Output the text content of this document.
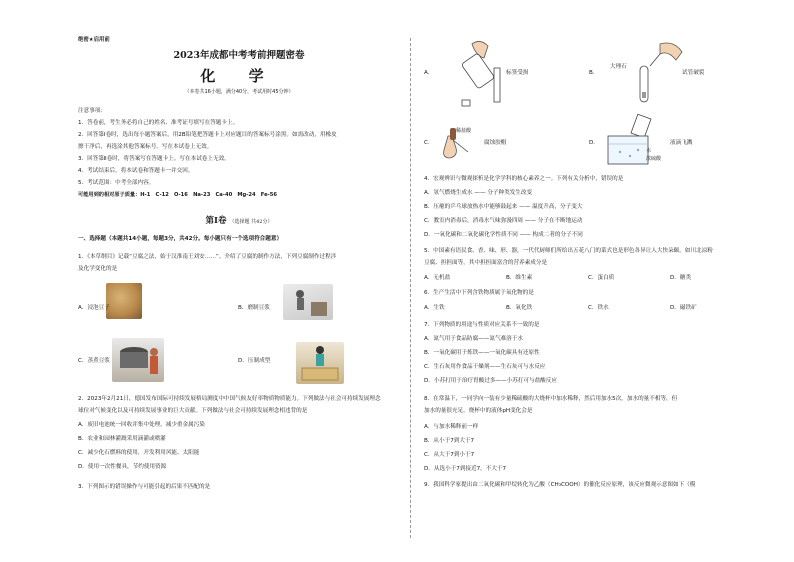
绝密★启用前
2023年成都中考考前押题密卷
化 学
（本卷共16小题，满分40分，考试用时45分钟）
注意事项：
1．答卷前，考生务必将自己的姓名、准考证号填写在答题卡上。
2．回答第Ⅰ卷时，选出每小题答案后，用2B铅笔把答题卡上对应题目的答案标号涂黑。如需改动，用橡皮
擦干净后，再选涂其他答案标号。写在本试卷上无效。
3．回答第Ⅱ卷时，将答案写在答题卡上。写在本试卷上无效。
4．考试结束后，将本试卷和答题卡一并交回。
5．考试范围：中考全部内容。
可能用到的相对原子质量：H-1　C-12　O-16　Na-23　Ca-40　Mg-24　Fe-56
第Ⅰ卷 （选择题 共42分）
一、选择题（本题共14小题，每题3分，共42分。每小题只有一个选项符合题意）
1．《本草纲目》记载“豆腐之法，始于汉淮南王刘安……”。介绍了豆腐的制作方法，下列豆腐制作过程涉
及化学变化的是
A．浸泡豆子	B．磨制豆浆
C．蒸煮豆浆	D．压制成型
2．2023年2月21日，德国发布国际可持续发展格局测度中中国气候友好率物质物质能力。下列做法与社会可持续发展理念
球位对气候变化以及可持续发展事业的巨大贡献。下列做法与社会可持续发展理念相违背的是
A．废旧电池统一回收并集中处理，减少重金属污染
B．农业和园林灌溉采用滴灌或喷灌
C．减少化石燃料的使用，开发利用风能、太阳能
D．使用一次性餐具，节约使用资源
3．下列图示的错误操作与可能引起的后果不匹配的是
A.	标签受损	B.
大理石
试管破裂
C.
稀盐酸
腐蚀胶帽	D.	液滴飞溅
水
浓硫酸
4．宏观辨识与微观探析是化学学科的核心素养之一。下列有关分析中，错误的是
A．氢气燃烧生成水 —— 分子种类发生改变
B．压瘪的乒乓球放热水中能够鼓起来 —— 温度升高，分子变大
C．教室内消毒后，消毒水气味弥漫四周 —— 分子在不断地运动
D．一氧化碳和二氧化碳化学性质不同 —— 构成二者的分子不同
5．中国素有语民食、香、味、形、器，一代代厨师们所给出五花八门的菜式也是形色各异让人大快朵颐。如川北凉粉
豆腐、担担面等，其中担担面富含的营养素成分是
A．无机盐	B．维生素	C．蛋白质	D．糖类
6．生产生活中下列含铁物质属于氧化物的是
A．生铁	B．氧化铁	C．铁水	D．磁铁矿
7．下列物质的用途与性质对应关系不一致的是
A．氮气用于食品防腐——氮气难溶于水
B．一氧化碳用于炼铁——一氧化碳具有还原性
C．生石灰用作食品干燥剂——生石灰可与水反应
D．小苏打用于治疗胃酸过多——小苏打可与盐酸反应
8．在常温下，一同学向一装有少量稀硫酸的大烧杯中加水稀释，然后用加水5次。加水的量不相等，但
加水的量很充足。烧杯中的液体pH变化会是
A．与加水稀释前一样
B．从小于7到大于7
C．从大于7到小于7
D．从选小于7到接近7，不大于7
9．我国科学家提出由二氧化碳和甲烷转化为乙酸（CH₃COOH）的催化反应原理，该反应微观示意图如下（模
